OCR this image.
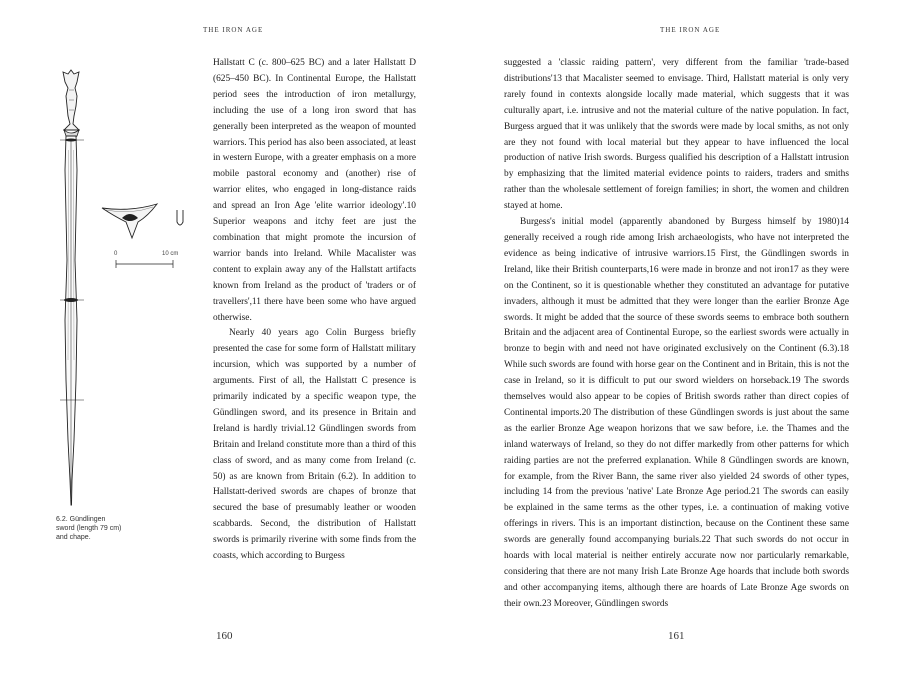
THE IRON AGE
0	10 cm
6.2. Gündlingen
sword (length 79 cm)
and chape.

Hallstatt C (c. 800–625 BC) and a later Hallstatt D (625–450 BC). In Continental Europe, the Hallstatt period sees the introduction of iron metallurgy, including the use of a long iron sword that has generally been interpreted as the weapon of mounted warriors. This period has also been associated, at least in western Europe, with a greater emphasis on a more mobile pastoral economy and (another) rise of warrior elites, who engaged in long-distance raids and spread an Iron Age 'elite warrior ideology'.10 Superior weapons and itchy feet are just the combination that might promote the incursion of warrior bands into Ireland. While Macalister was content to explain away any of the Hallstatt artifacts known from Ireland as the product of 'traders or of travellers',11 there have been some who have argued otherwise.

Nearly 40 years ago Colin Burgess briefly presented the case for some form of Hallstatt military incursion, which was supported by a number of arguments. First of all, the Hallstatt C presence is primarily indicated by a specific weapon type, the Gündlingen sword, and its presence in Britain and Ireland is hardly trivial.12 Gündlingen swords from Britain and Ireland constitute more than a third of this class of sword, and as many come from Ireland (c. 50) as are known from Britain (6.2). In addition to Hallstatt-derived swords are chapes of bronze that secured the base of presumably leather or wooden scabbards. Second, the distribution of Hallstatt swords is primarily riverine with some finds from the coasts, which according to Burgess

160
THE IRON AGE

suggested a 'classic raiding pattern', very different from the familiar 'trade-based distributions'13 that Macalister seemed to envisage. Third, Hallstatt material is only very rarely found in contexts alongside locally made material, which suggests that it was culturally apart, i.e. intrusive and not the material culture of the native population. In fact, Burgess argued that it was unlikely that the swords were made by local smiths, as not only are they not found with local material but they appear to have influenced the local production of native Irish swords. Burgess qualified his description of a Hallstatt intrusion by emphasizing that the limited material evidence points to raiders, traders and smiths rather than the wholesale settlement of foreign families; in short, the women and children stayed at home.

Burgess's initial model (apparently abandoned by Burgess himself by 1980)14 generally received a rough ride among Irish archaeologists, who have not interpreted the evidence as being indicative of intrusive warriors.15 First, the Gündlingen swords in Ireland, like their British counterparts,16 were made in bronze and not iron17 as they were on the Continent, so it is questionable whether they constituted an advantage for putative invaders, although it must be admitted that they were longer than the earlier Bronze Age swords. It might be added that the source of these swords seems to embrace both southern Britain and the adjacent area of Continental Europe, so the earliest swords were actually in bronze to begin with and need not have originated exclusively on the Continent (6.3).18 While such swords are found with horse gear on the Continent and in Britain, this is not the case in Ireland, so it is difficult to put our sword wielders on horseback.19 The swords themselves would also appear to be copies of British swords rather than direct copies of Continental imports.20 The distribution of these Gündlingen swords is just about the same as the earlier Bronze Age weapon horizons that we saw before, i.e. the Thames and the inland waterways of Ireland, so they do not differ markedly from other patterns for which raiding parties are not the preferred explanation. While 8 Gündlingen swords are known, for example, from the River Bann, the same river also yielded 24 swords of other types, including 14 from the previous 'native' Late Bronze Age period.21 The swords can easily be explained in the same terms as the other types, i.e. a continuation of making votive offerings in rivers. This is an important distinction, because on the Continent these same swords are generally found accompanying burials.22 That such swords do not occur in hoards with local material is neither entirely accurate now nor particularly remarkable, considering that there are not many Irish Late Bronze Age hoards that include both swords and other accompanying items, although there are hoards of Late Bronze Age swords on their own.23 Moreover, Gündlingen swords

161
